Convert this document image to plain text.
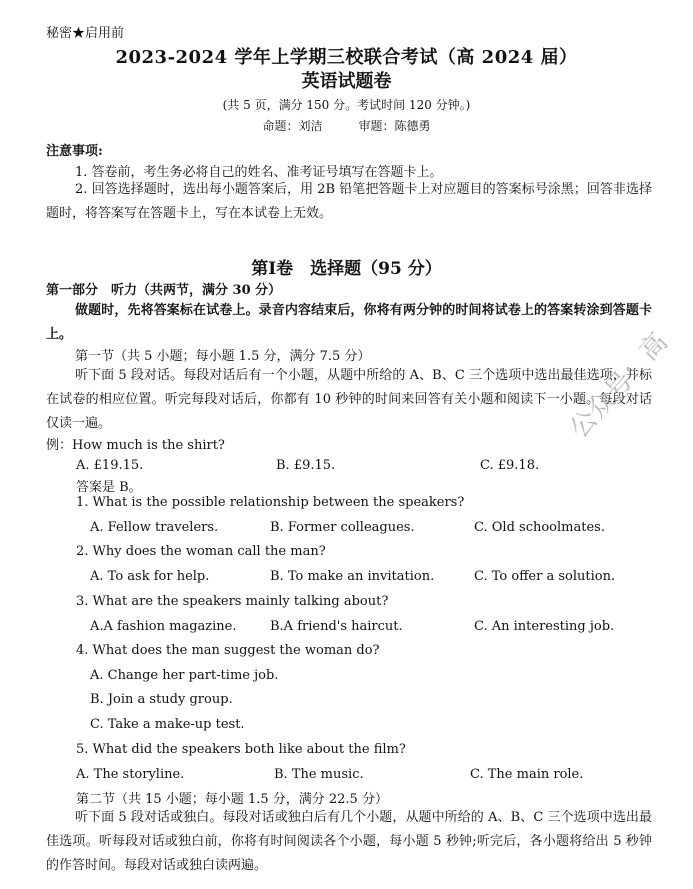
秘密★启用前
2023-2024 学年上学期三校联合考试（高 2024 届）
英语试题卷
(共 5 页，满分 150 分。考试时间 120 分钟。)
命题：刘洁　　　审题：陈德勇
注意事项:
1. 答卷前，考生务必将自己的姓名、准考证号填写在答题卡上。
2. 回答选择题时，选出每小题答案后，用 2B 铅笔把答题卡上对应题目的答案标号涂黑；回答非选择题时，将答案写在答题卡上，写在本试卷上无效。
第Ⅰ卷　选择题（95 分）
第一部分　听力（共两节，满分 30 分）
做题时，先将答案标在试卷上。录音内容结束后，你将有两分钟的时间将试卷上的答案转涂到答题卡上。
第一节（共 5 小题；每小题 1.5 分，满分 7.5 分）
听下面 5 段对话。每段对话后有一个小题，从题中所给的 A、B、C 三个选项中选出最佳选项，并标在试卷的相应位置。听完每段对话后，你都有 10 秒钟的时间来回答有关小题和阅读下一小题。每段对话仅读一遍。
例：How much is the shirt?
A. £19.15.	B. £9.15.	C. £9.18.
答案是 B。
1. What is the possible relationship between the speakers?
A. Fellow travelers.	B. Former colleagues.	C. Old schoolmates.
2. Why does the woman call the man?
A. To ask for help.	B. To make an invitation.	C. To offer a solution.
3. What are the speakers mainly talking about?
A.A fashion magazine.	B.A friend's haircut.	C. An interesting job.
4. What does the man suggest the woman do?
A. Change her part-time job.
B. Join a study group.
C. Take a make-up test.
5. What did the speakers both like about the film?
A. The storyline.	B. The music.	C. The main role.
第二节（共 15 小题；每小题 1.5 分，满分 22.5 分）
听下面 5 段对话或独白。每段对话或独白后有几个小题，从题中所给的 A、B、C 三个选项中选出最佳选项。听每段对话或独白前，你将有时间阅读各个小题，每小题 5 秒钟;听完后，各小题将给出 5 秒钟的作答时间。每段对话或独白读两遍。
公众号：高
